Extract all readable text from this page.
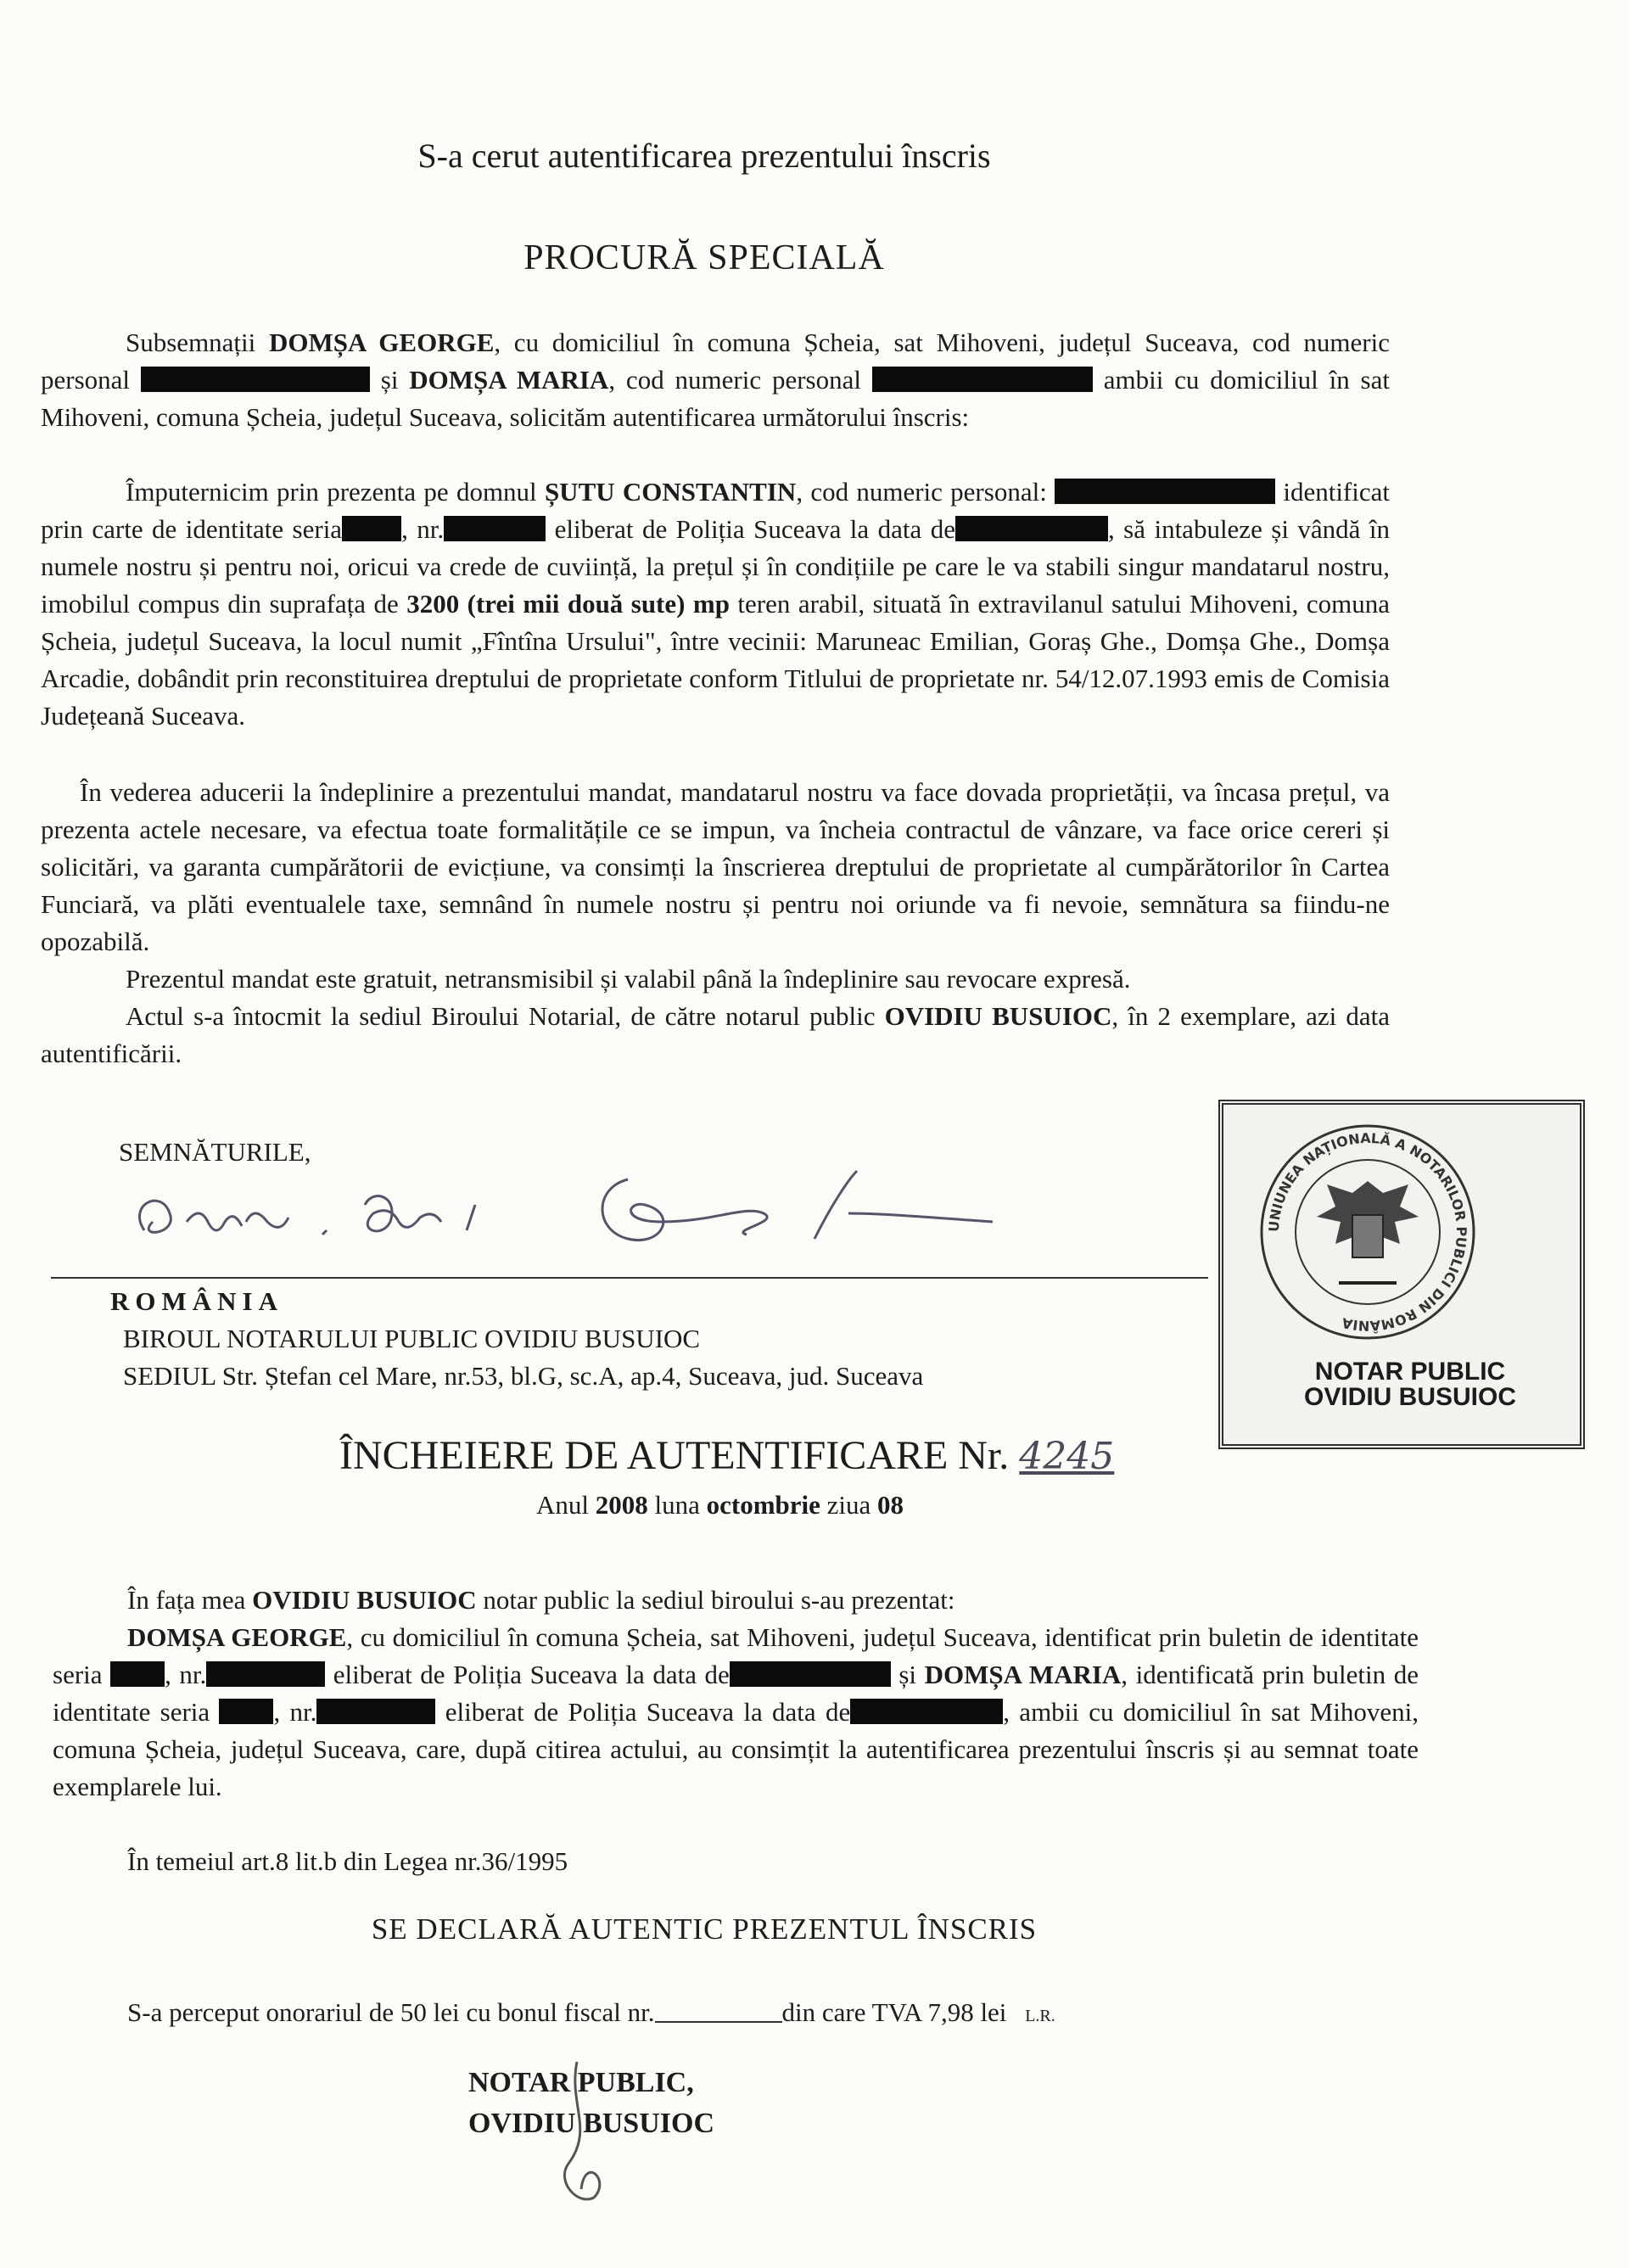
S-a cerut autentificarea prezentului înscris
PROCURĂ SPECIALĂ
Subsemnații DOMȘA GEORGE, cu domiciliul în comuna Șcheia, sat Mihoveni, județul Suceava, cod numeric personal	și DOMȘA MARIA, cod numeric personal	ambii cu domiciliul în sat Mihoveni, comuna Șcheia, județul Suceava, solicităm autentificarea următorului înscris:
Împuternicim prin prezenta pe domnul ȘUTU CONSTANTIN, cod numeric personal:	identificat prin carte de identitate seria , nr.	eliberat de Poliția Suceava la data de	, să intabuleze și vândă în numele nostru și pentru noi, oricui va crede de cuviință, la prețul și în condițiile pe care le va stabili singur mandatarul nostru, imobilul compus din suprafața de 3200 (trei mii două sute) mp teren arabil, situată în extravilanul satului Mihoveni, comuna Șcheia, județul Suceava, la locul numit „Fîntîna Ursului", între vecinii: Maruneac Emilian, Goraș Ghe., Domșa Ghe., Domșa Arcadie, dobândit prin reconstituirea dreptului de proprietate conform Titlului de proprietate nr. 54/12.07.1993 emis de Comisia Județeană Suceava.
În vederea aducerii la îndeplinire a prezentului mandat, mandatarul nostru va face dovada proprietății, va încasa prețul, va prezenta actele necesare, va efectua toate formalitățile ce se impun, va încheia contractul de vânzare, va face orice cereri și solicitări, va garanta cumpărătorii de evicțiune, va consimți la înscrierea dreptului de proprietate al cumpărătorilor în Cartea Funciară, va plăti eventualele taxe, semnând în numele nostru și pentru noi oriunde va fi nevoie, semnătura sa fiindu-ne opozabilă.
Prezentul mandat este gratuit, netransmisibil și valabil până la îndeplinire sau revocare expresă.
Actul s-a întocmit la sediul Biroului Notarial, de către notarul public OVIDIU BUSUIOC, în 2 exemplare, azi data autentificării.
SEMNĂTURILE,
ROMÂNIA
BIROUL NOTARULUI PUBLIC OVIDIU BUSUIOC
SEDIUL Str. Ștefan cel Mare, nr.53, bl.G, sc.A, ap.4, Suceava, jud. Suceava
UNIUNEA NAȚIONALĂ A NOTARILOR PUBLICI DIN ROMÂNIA
NOTAR PUBLIC
OVIDIU BUSUIOC
ÎNCHEIERE DE AUTENTIFICARE Nr. 4245
Anul 2008 luna octombrie ziua 08
În fața mea OVIDIU BUSUIOC notar public la sediul biroului s-au prezentat:
DOMȘA GEORGE, cu domiciliul în comuna Șcheia, sat Mihoveni, județul Suceava, identificat prin buletin de identitate seria , nr.	eliberat de Poliția Suceava la data de	și DOMȘA MARIA, identificată prin buletin de identitate seria , nr.	eliberat de Poliția Suceava la data de	, ambii cu domiciliul în sat Mihoveni, comuna Șcheia, județul Suceava, care, după citirea actului, au consimțit la autentificarea prezentului înscris și au semnat toate exemplarele lui.
În temeiul art.8 lit.b din Legea nr.36/1995
SE DECLARĂ AUTENTIC PREZENTUL ÎNSCRIS
S-a perceput onorariul de 50 lei cu bonul fiscal nr.	din care TVA 7,98 lei L.R.
NOTAR PUBLIC,
OVIDIU BUSUIOC
